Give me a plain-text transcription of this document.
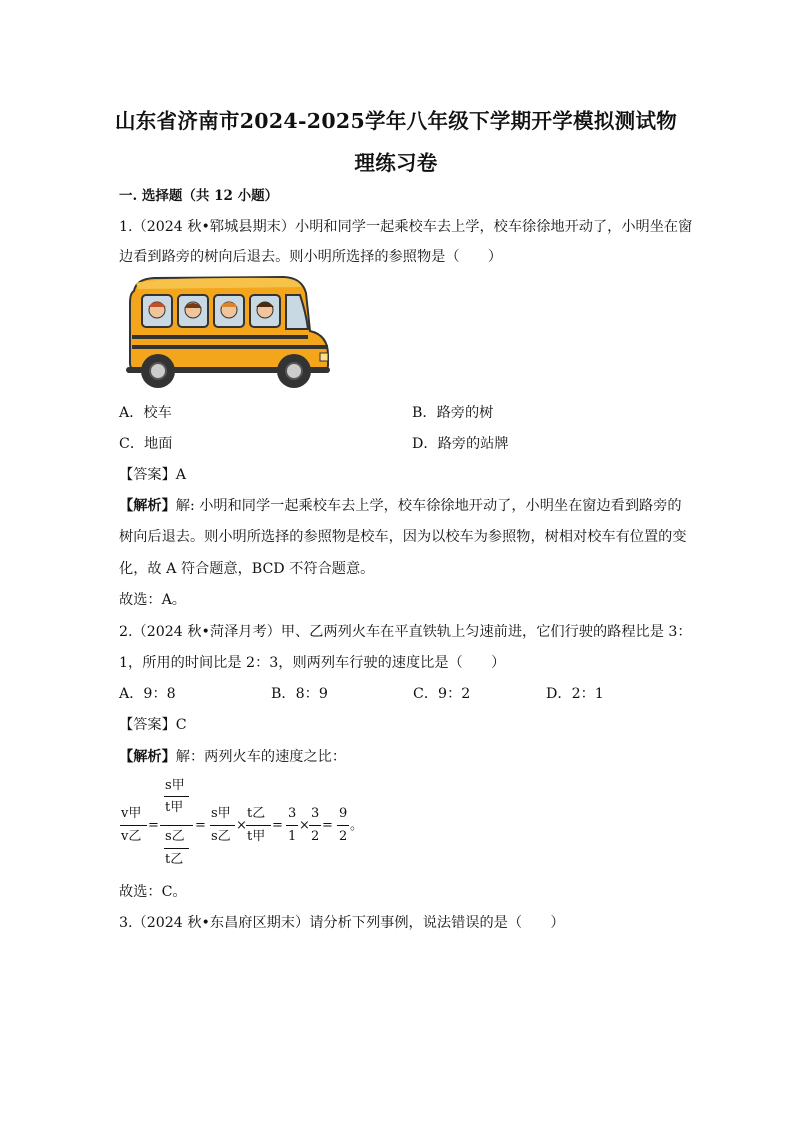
山东省济南市2024-2025学年八年级下学期开学模拟测试物
理练习卷
一. 选择题（共 12 小题）
1.（2024 秋•郓城县期末）小明和同学一起乘校车去上学，校车徐徐地开动了，小明坐在窗
边看到路旁的树向后退去。则小明所选择的参照物是（　　）
A．校车	B．路旁的树
C．地面	D．路旁的站牌
【答案】A
【解析】解: 小明和同学一起乘校车去上学，校车徐徐地开动了，小明坐在窗边看到路旁的
树向后退去。则小明所选择的参照物是校车，因为以校车为参照物，树相对校车有位置的变
化，故 A 符合题意，BCD 不符合题意。
故选：A。
2.（2024 秋•菏泽月考）甲、乙两列火车在平直铁轨上匀速前进，它们行驶的路程比是 3：
1，所用的时间比是 2：3，则两列车行驶的速度比是（　　）
A．9：8	B．8：9	C．9：2	D．2：1
【答案】C
【解析】解：两列火车的速度之比：
v甲
v乙
=
s甲
t甲
s乙
t乙
=
s甲
s乙
×
t乙
t甲
=
3
1
×
3
2
=
9
2
。
故选：C。
3.（2024 秋•东昌府区期末）请分析下列事例，说法错误的是（　　）
